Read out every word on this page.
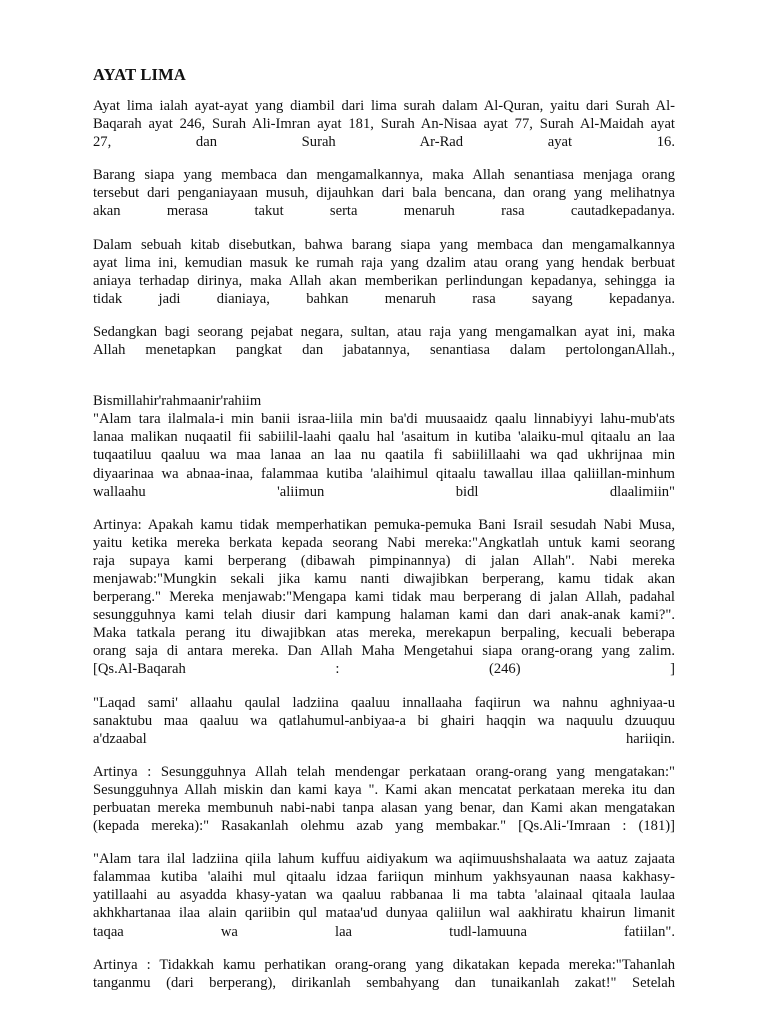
AYAT LIMA

Ayat lima ialah ayat-ayat yang diambil dari lima surah dalam Al-Quran, yaitu dari Surah Al-
Baqarah ayat 246, Surah Ali-Imran ayat 181, Surah An-Nisaa ayat 77, Surah Al-Maidah ayat
27, dan Surah Ar-Rad ayat 16.

Barang siapa yang membaca dan mengamalkannya, maka Allah senantiasa menjaga orang
tersebut dari penganiayaan musuh, dijauhkan dari bala bencana, dan orang yang melihatnya
akan merasa takut serta menaruh rasa cautadkepadanya.

Dalam sebuah kitab disebutkan, bahwa barang siapa yang membaca dan mengamalkannya
ayat lima ini, kemudian masuk ke rumah raja yang dzalim atau orang yang hendak berbuat
aniaya terhadap dirinya, maka Allah akan memberikan perlindungan kepadanya, sehingga ia
tidak jadi dianiaya, bahkan menaruh rasa sayang kepadanya.

Sedangkan bagi seorang pejabat negara, sultan, atau raja yang mengamalkan ayat ini, maka
Allah menetapkan pangkat dan jabatannya, senantiasa dalam pertolonganAllah.,

Bismillahir'rahmaanir'rahiim
"Alam tara ilalmala-i min banii israa-liila min ba'di muusaaidz qaalu linnabiyyi lahu-mub'ats
lanaa malikan nuqaatil fii sabiilil-laahi qaalu hal 'asaitum in kutiba 'alaiku-mul qitaalu an laa
tuqaatiluu qaaluu wa maa lanaa an laa nu qaatila fi sabiilillaahi wa qad ukhrijnaa min
diyaarinaa wa abnaa-inaa, falammaa kutiba 'alaihimul qitaalu tawallau illaa qaliillan-minhum
wallaahu 'aliimun bidl dlaalimiin"

Artinya: Apakah kamu tidak memperhatikan pemuka-pemuka Bani Israil sesudah Nabi Musa,
yaitu ketika mereka berkata kepada seorang Nabi mereka:"Angkatlah untuk kami seorang
raja supaya kami berperang (dibawah pimpinannya) di jalan Allah". Nabi mereka
menjawab:"Mungkin sekali jika kamu nanti diwajibkan berperang, kamu tidak akan
berperang." Mereka menjawab:"Mengapa kami tidak mau berperang di jalan Allah, padahal
sesungguhnya kami telah diusir dari kampung halaman kami dan dari anak-anak kami?".
Maka tatkala perang itu diwajibkan atas mereka, merekapun berpaling, kecuali beberapa
orang saja di antara mereka. Dan Allah Maha Mengetahui siapa orang-orang yang zalim.
[Qs.Al-Baqarah : (246) ]

"Laqad sami' allaahu qaulal ladziina qaaluu innallaaha faqiirun wa nahnu aghniyaa-u
sanaktubu maa qaaluu wa qatlahumul-anbiyaa-a bi ghairi haqqin wa naquulu dzuuquu
a'dzaabal hariiqin.

Artinya : Sesungguhnya Allah telah mendengar perkataan orang-orang yang mengatakan:"
Sesungguhnya Allah miskin dan kami kaya ". Kami akan mencatat perkataan mereka itu dan
perbuatan mereka membunuh nabi-nabi tanpa alasan yang benar, dan Kami akan mengatakan
(kepada mereka):" Rasakanlah olehmu azab yang membakar." [Qs.Ali-'Imraan : (181)]

"Alam tara ilal ladziina qiila lahum kuffuu aidiyakum wa aqiimuushshalaata wa aatuz zajaata
falammaa kutiba 'alaihi mul qitaalu idzaa fariiqun minhum yakhsyaunan naasa kakhasy-
yatillaahi au asyadda khasy-yatan wa qaaluu rabbanaa li ma tabta 'alainaal qitaala laulaa
akhkhartanaa ilaa alain qariibin qul mataa'ud dunyaa qaliilun wal aakhiratu khairun limanit
taqaa wa laa tudl-lamuuna fatiilan".

Artinya : Tidakkah kamu perhatikan orang-orang yang dikatakan kepada mereka:"Tahanlah
tanganmu (dari berperang), dirikanlah sembahyang dan tunaikanlah zakat!" Setelah
